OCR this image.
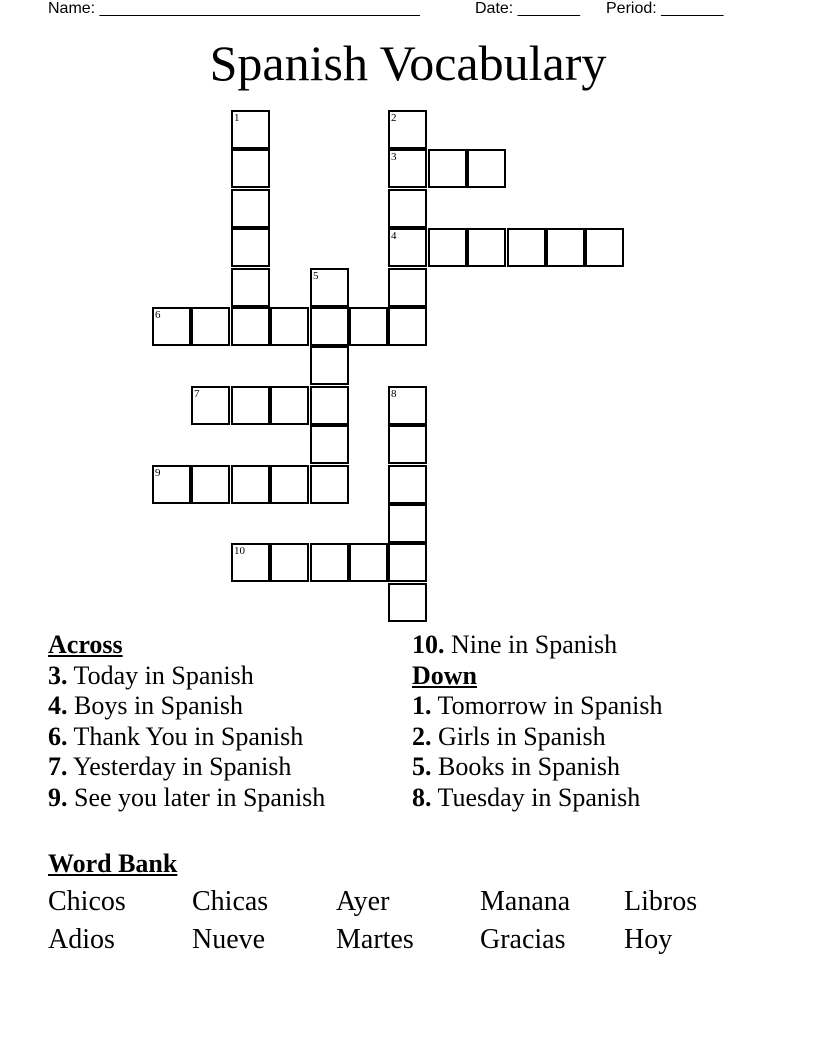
Name: ____________________________________	Date: _______ Period: _______
Spanish Vocabulary
1	2
3
4
5
6
7	8
9
10
Across
3. Today in Spanish
4. Boys in Spanish
6. Thank You in Spanish
7. Yesterday in Spanish
9. See you later in Spanish
10. Nine in Spanish
Down
1. Tomorrow in Spanish
2. Girls in Spanish
5. Books in Spanish
8. Tuesday in Spanish
Word Bank
Chicos Chicas Ayer	Manana Libros
Adios	Nueve	Martes Gracias Hoy
